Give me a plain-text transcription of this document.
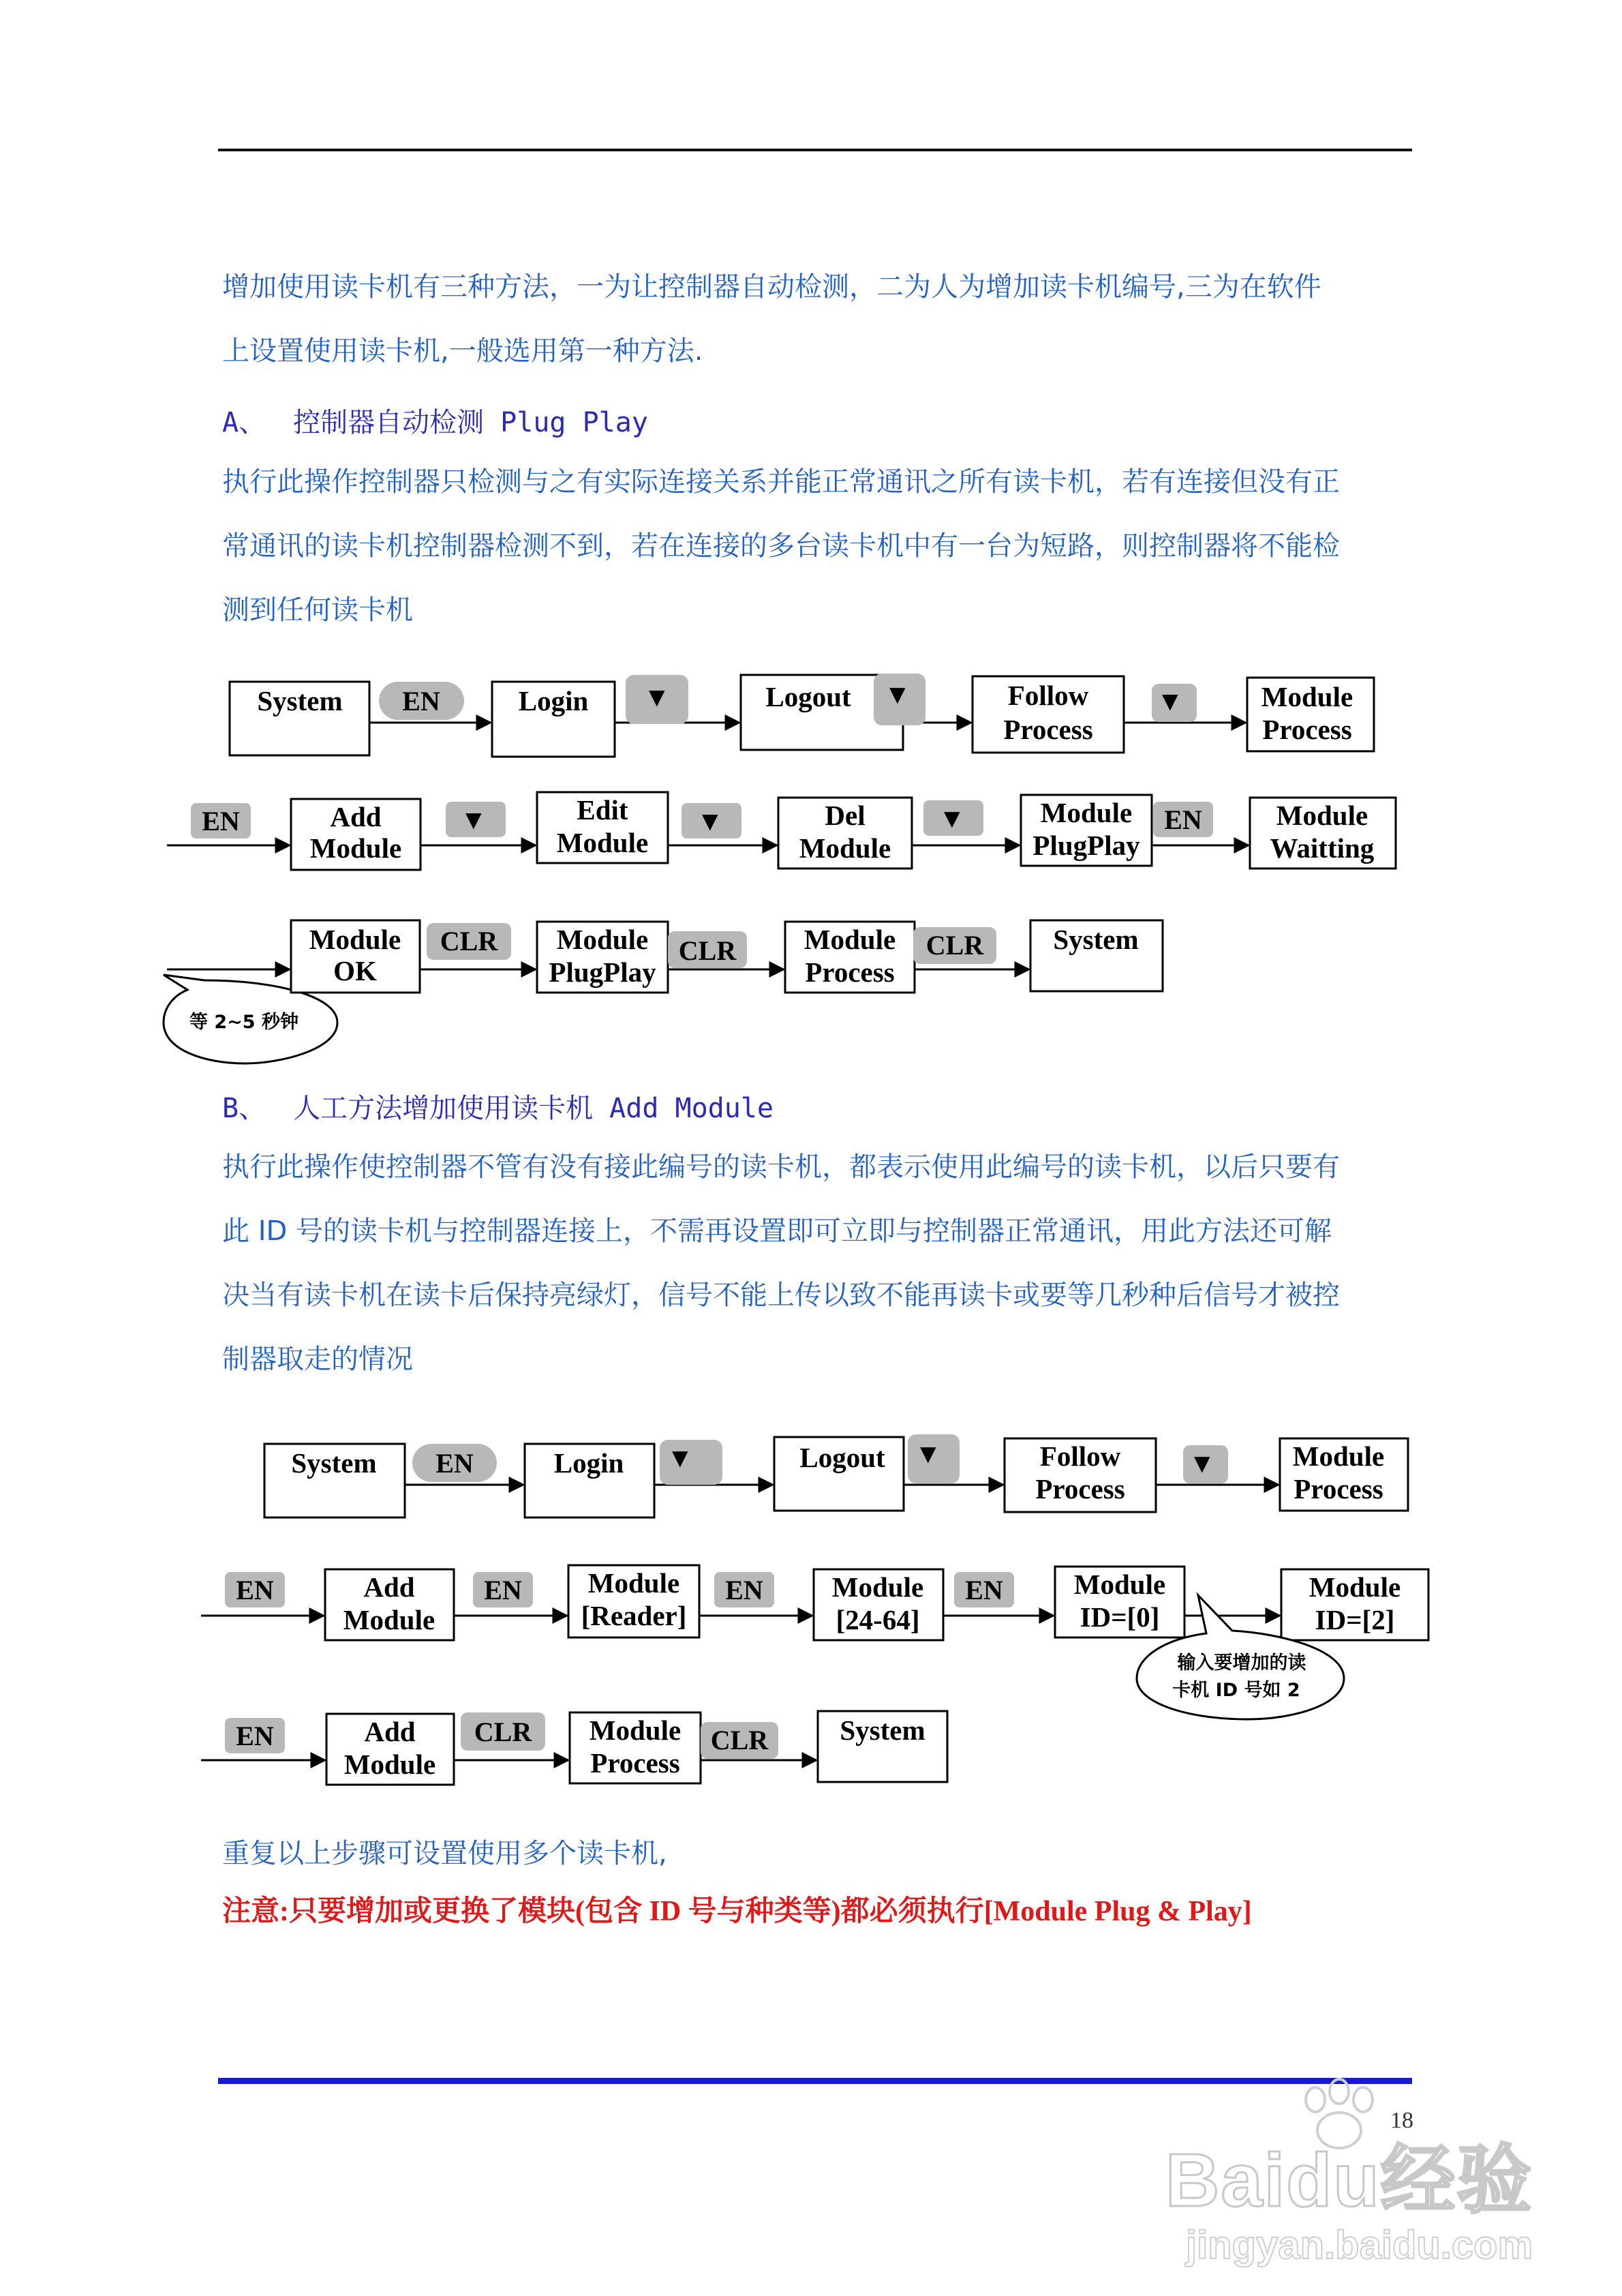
增加使用读卡机有三种方法，一为让控制器自动检测，二为人为增加读卡机编号,三为在软件
上设置使用读卡机,一般选用第一种方法.

A、 控制器自动检测 Plug Play

执行此操作控制器只检测与之有实际连接关系并能正常通讯之所有读卡机，若有连接但没有正
常通讯的读卡机控制器检测不到，若在连接的多台读卡机中有一台为短路，则控制器将不能检
测到任何读卡机

System EN	Login ▼	Logout ▼	Follow
Process
▼	Module
Process
EN	Add
Module
▼	Edit
Module
▼	Del
Module
▼	Module
PlugPlay
EN	Module
Waitting
等 2~5 秒钟
Module
OK
CLR Module
PlugPlay
CLR Module
Process
CLR System
B、 人工方法增加使用读卡机 Add Module

执行此操作使控制器不管有没有接此编号的读卡机，都表示使用此编号的读卡机，以后只要有
此 ID 号的读卡机与控制器连接上，不需再设置即可立即与控制器正常通讯，用此方法还可解
决当有读卡机在读卡后保持亮绿灯，信号不能上传以致不能再读卡或要等几秒种后信号才被控
制器取走的情况

System EN	Login ▼	Logout ▼	Follow
Process
▼	Module
Process
EN	Add
Module
EN Module
[Reader]
EN Module
[24-64]
EN	Module
ID=[0]
Module
ID=[2]
输入要增加的读
卡机 ID 号如 2
EN	Add
Module
CLR Module
Process
CLR	System

重复以上步骤可设置使用多个读卡机,

注意:只要增加或更换了模块(包含 ID 号与种类等)都必须执行[Module Plug & Play]
18
Baidu经验
jingyan.baidu.com
